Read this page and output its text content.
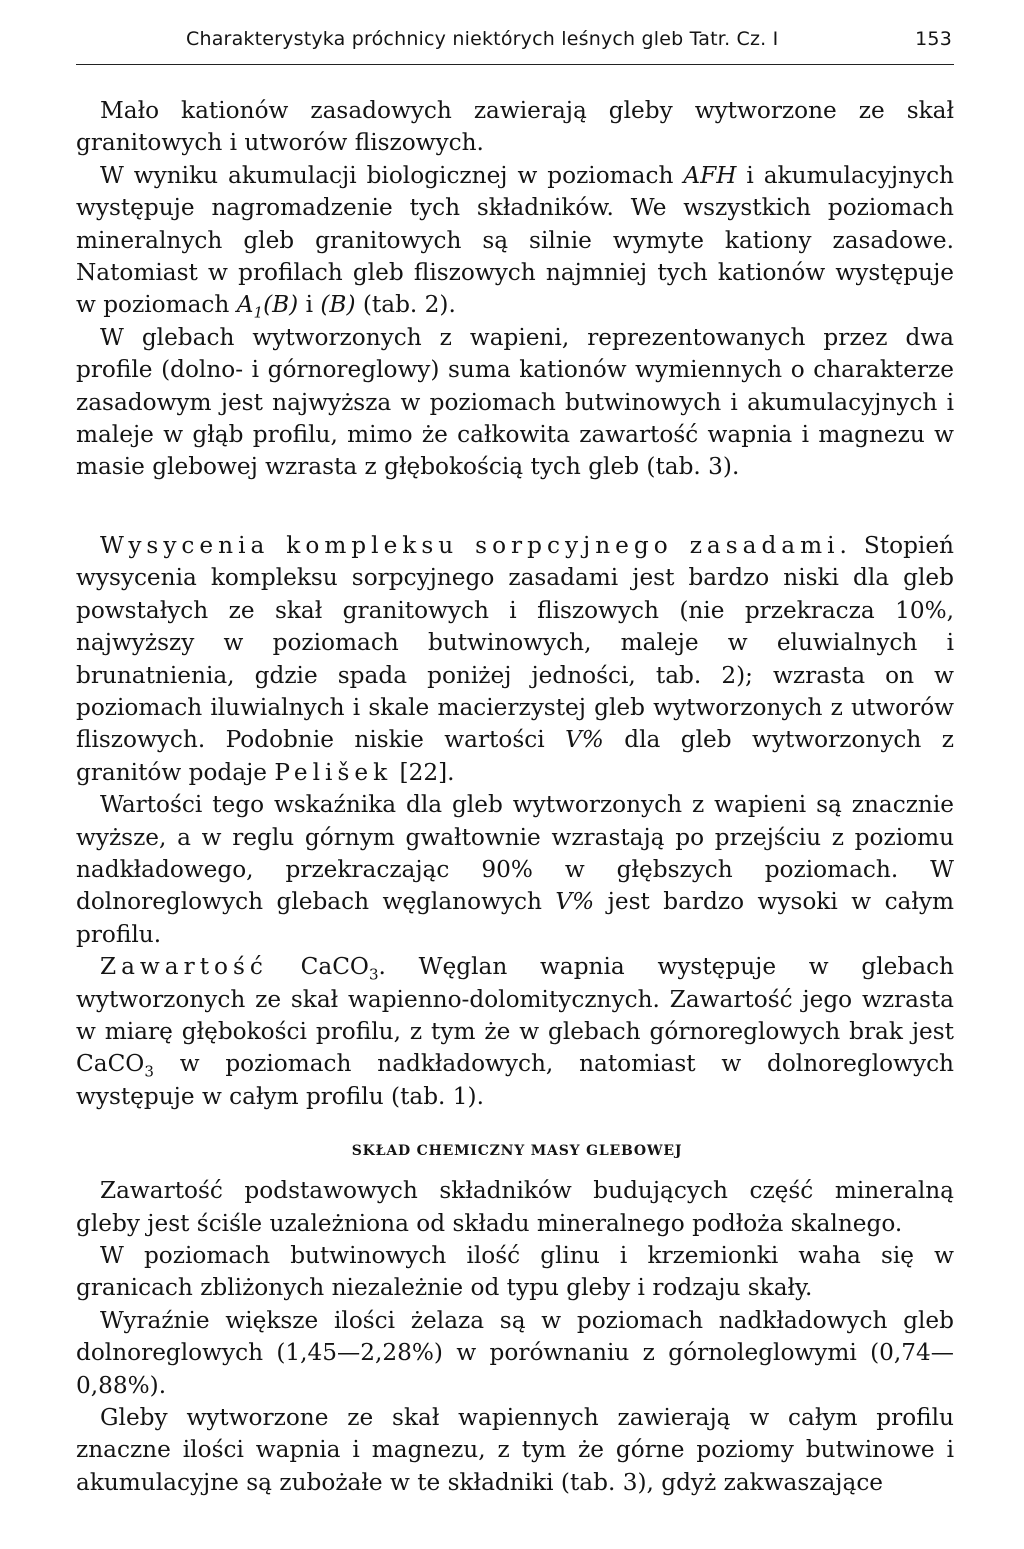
Charakterystyka próchnicy niektórych leśnych gleb Tatr. Cz. I	153

Mało kationów zasadowych zawierają gleby wytworzone ze skał granitowych i utworów fliszowych.

W wyniku akumulacji biologicznej w poziomach AFH i akumulacyjnych występuje nagromadzenie tych składników. We wszystkich poziomach mineralnych gleb granitowych są silnie wymyte kationy zasadowe. Natomiast w profilach gleb fliszowych najmniej tych kationów występuje w poziomach $A_1(B)$ i (B) (tab. 2).

W glebach wytworzonych z wapieni, reprezentowanych przez dwa profile (dolno- i górnoreglowy) suma kationów wymiennych o charakterze zasadowym jest najwyższa w poziomach butwinowych i akumulacyjnych i maleje w głąb profilu, mimo że całkowita zawartość wapnia i magnezu w masie glebowej wzrasta z głębokością tych gleb (tab. 3).

Wysycenia kompleksu sorpcyjnego zasadami. Stopień wysycenia kompleksu sorpcyjnego zasadami jest bardzo niski dla gleb powstałych ze skał granitowych i fliszowych (nie przekracza 10%, najwyższy w poziomach butwinowych, maleje w eluwialnych i brunatnienia, gdzie spada poniżej jedności, tab. 2); wzrasta on w poziomach iluwialnych i skale macierzystej gleb wytworzonych z utworów fliszowych. Podobnie niskie wartości V% dla gleb wytworzonych z granitów podaje Pelišek [22].

Wartości tego wskaźnika dla gleb wytworzonych z wapieni są znacznie wyższe, a w reglu górnym gwałtownie wzrastają po przejściu z poziomu nadkładowego, przekraczając 90% w głębszych poziomach. W dolnoreglowych glebach węglanowych V% jest bardzo wysoki w całym profilu.

Zawartość CaCO$_3$. Węglan wapnia występuje w glebach wytworzonych ze skał wapienno-dolomitycznych. Zawartość jego wzrasta w miarę głębokości profilu, z tym że w glebach górnoreglowych brak jest CaCO$_3$ w poziomach nadkładowych, natomiast w dolnoreglowych występuje w całym profilu (tab. 1).

SKŁAD CHEMICZNY MASY GLEBOWEJ

Zawartość podstawowych składników budujących część mineralną gleby jest ściśle uzależniona od składu mineralnego podłoża skalnego.

W poziomach butwinowych ilość glinu i krzemionki waha się w granicach zbliżonych niezależnie od typu gleby i rodzaju skały.

Wyraźnie większe ilości żelaza są w poziomach nadkładowych gleb dolnoreglowych (1,45—2,28%) w porównaniu z górnoleglowymi (0,74—0,88%).

Gleby wytworzone ze skał wapiennych zawierają w całym profilu znaczne ilości wapnia i magnezu, z tym że górne poziomy butwinowe i akumulacyjne są zubożałe w te składniki (tab. 3), gdyż zakwaszające
